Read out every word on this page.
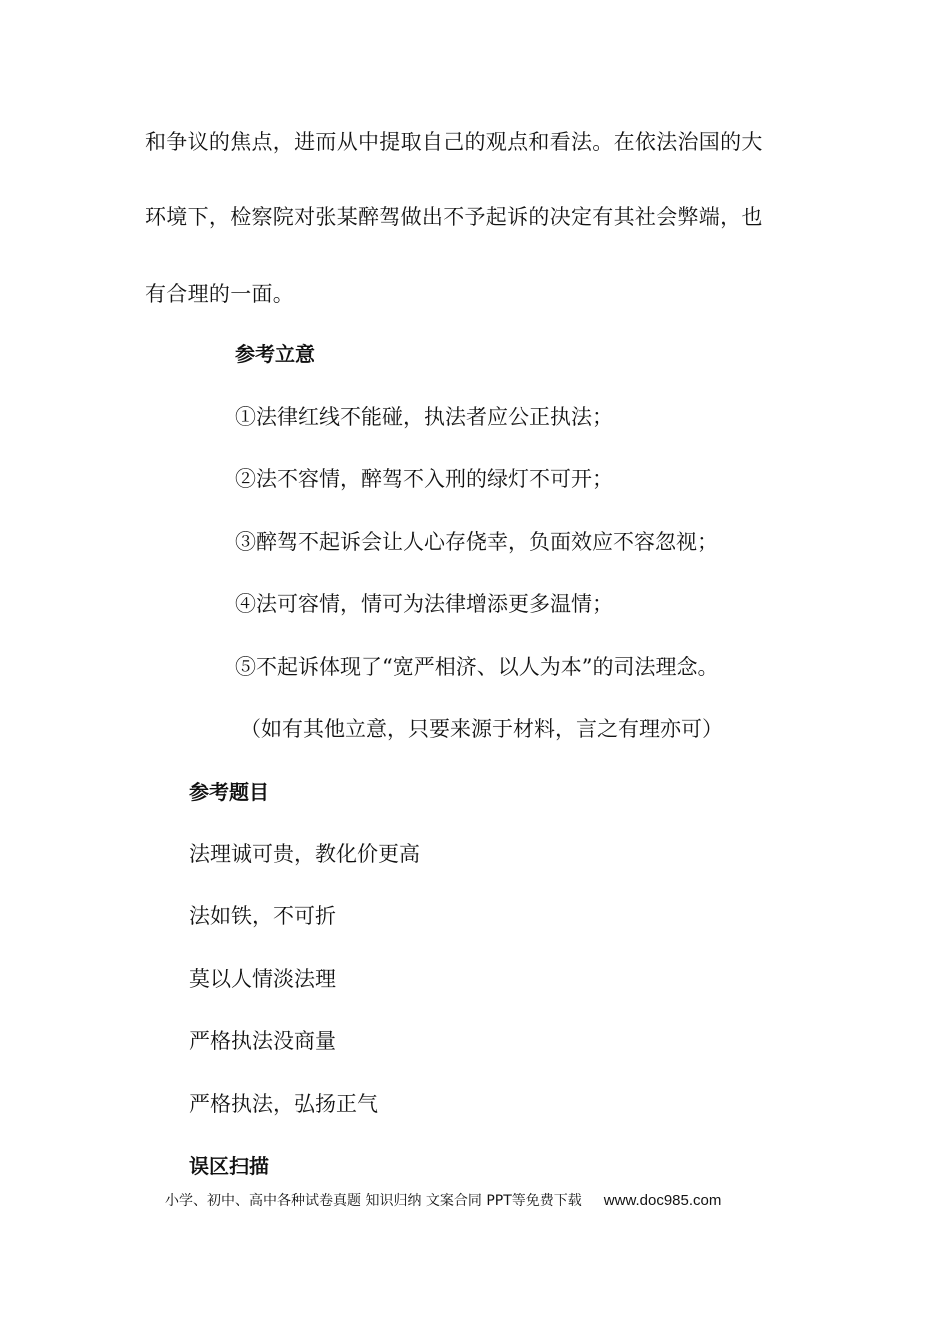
和争议的焦点，进而从中提取自己的观点和看法。在依法治国的大

环境下，检察院对张某醉驾做出不予起诉的决定有其社会弊端，也

有合理的一面。

参考立意

①法律红线不能碰，执法者应公正执法；

②法不容情，醉驾不入刑的绿灯不可开；

③醉驾不起诉会让人心存侥幸，负面效应不容忽视；

④法可容情，情可为法律增添更多温情；

⑤不起诉体现了“宽严相济、以人为本”的司法理念。

（如有其他立意，只要来源于材料，言之有理亦可）

参考题目

法理诚可贵，教化价更高

法如铁，不可折

莫以人情淡法理

严格执法没商量

严格执法，弘扬正气

误区扫描
小学、初中、高中各种试卷真题 知识归纳 文案合同 PPT等免费下载 www.doc985.com
